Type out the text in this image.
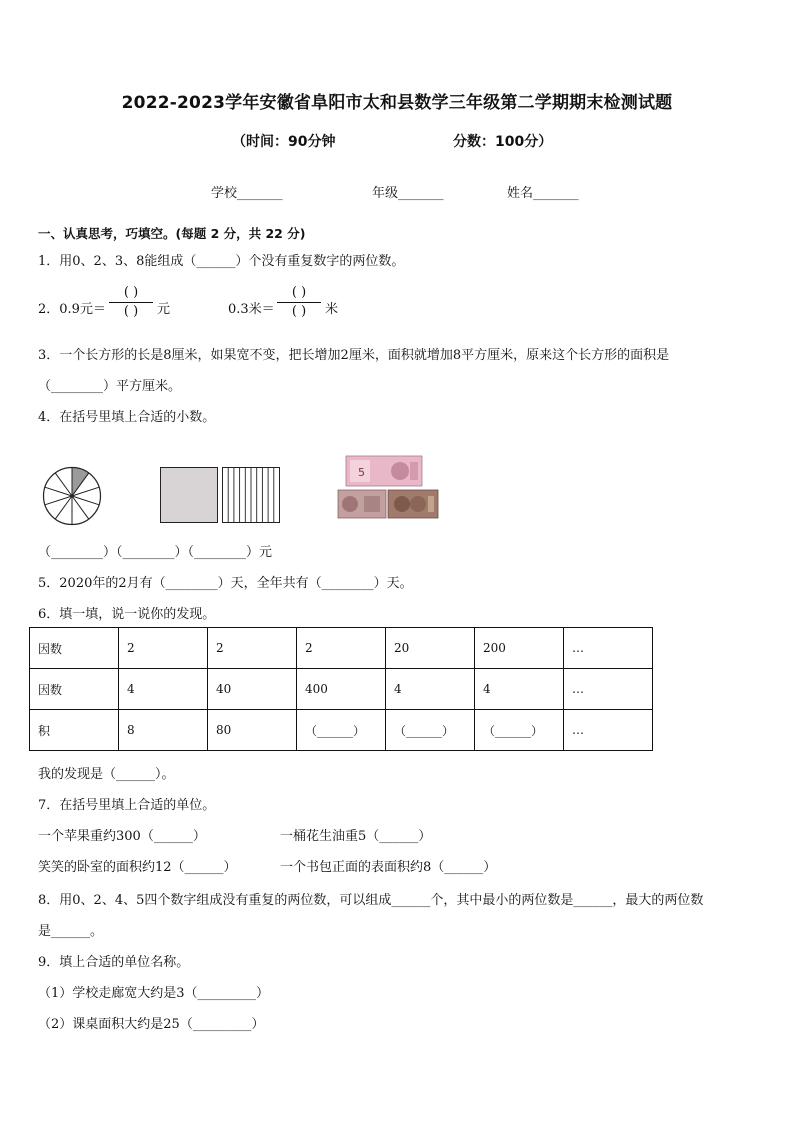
2022-2023学年安徽省阜阳市太和县数学三年级第二学期期末检测试题
（时间：90分钟	分数：100分）
学校_______	年级_______	姓名_______
一、认真思考，巧填空。(每题 2 分，共 22 分)
1．用0、2、3、8能组成（______）个没有重复数字的两位数。
2．0.9元＝
( )
( ) 元	0.3米＝
( )
( ) 米
3．一个长方形的长是8厘米，如果宽不变，把长增加2厘米，面积就增加8平方厘米，原来这个长方形的面积是
（________）平方厘米。
4．在括号里填上合适的小数。
5
（________）（________）（________）元
5．2020年的2月有（________）天，全年共有（________）天。
6．填一填，说一说你的发现。
因数	2	2	2	20	200	…
因数	4	40	400	4	4	…
积	8	80	（______）	（______）	（______）	…
我的发现是（______）。
7．在括号里填上合适的单位。
一个苹果重约300（______）	一桶花生油重5（______）
笑笑的卧室的面积约12（______）	一个书包正面的表面积约8（______）
8．用0、2、4、5四个数字组成没有重复的两位数，可以组成______个，其中最小的两位数是______，最大的两位数
是______。
9．填上合适的单位名称。
（1）学校走廊宽大约是3（_________）
（2）课桌面积大约是25（_________）
